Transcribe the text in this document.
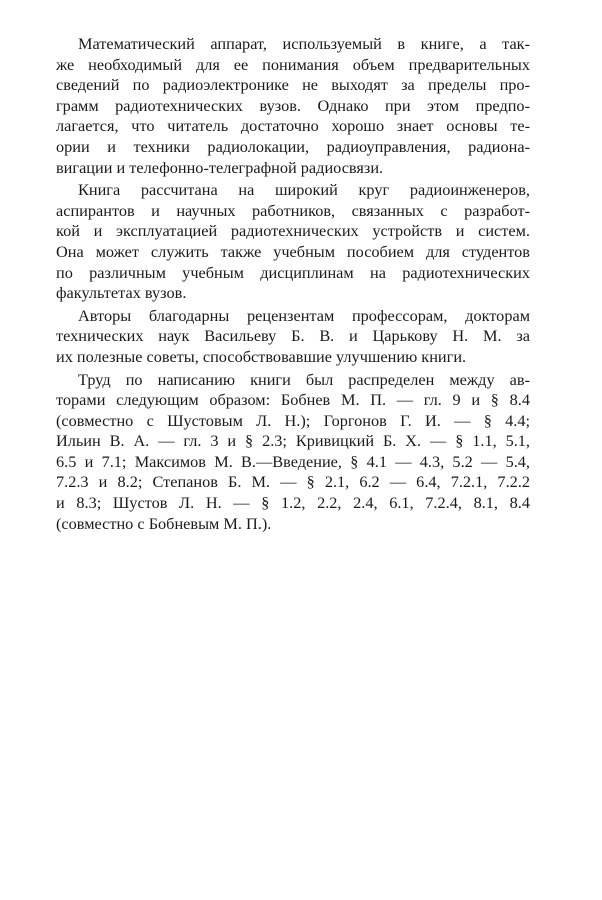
Математический аппарат, используемый в книге, а так-
же необходимый для ее понимания объем предварительных
сведений по радиоэлектронике не выходят за пределы про-
грамм радиотехнических вузов. Однако при этом предпо-
лагается, что читатель достаточно хорошо знает основы те-
ории и техники радиолокации, радиоуправления, радиона-
вигации и телефонно-телеграфной радиосвязи.
Книга рассчитана на широкий круг радиоинженеров,
аспирантов и научных работников, связанных с разработ-
кой и эксплуатацией радиотехнических устройств и систем.
Она может служить также учебным пособием для студентов
по различным учебным дисциплинам на радиотехнических
факультетах вузов.
Авторы благодарны рецензентам профессорам, докторам
технических наук Васильеву Б. В. и Царькову Н. М. за
их полезные советы, способствовавшие улучшению книги.
Труд по написанию книги был распределен между ав-
торами следующим образом: Бобнев М. П. — гл. 9 и § 8.4
(совместно с Шустовым Л. Н.); Горгонов Г. И. — § 4.4;
Ильин В. А. — гл. 3 и § 2.3; Кривицкий Б. Х. — § 1.1, 5.1,
6.5 и 7.1; Максимов М. В.—Введение, § 4.1 — 4.3, 5.2 — 5.4,
7.2.3 и 8.2; Степанов Б. М. — § 2.1, 6.2 — 6.4, 7.2.1, 7.2.2
и 8.3; Шустов Л. Н. — § 1.2, 2.2, 2.4, 6.1, 7.2.4, 8.1, 8.4
(совместно с Бобневым М. П.).
